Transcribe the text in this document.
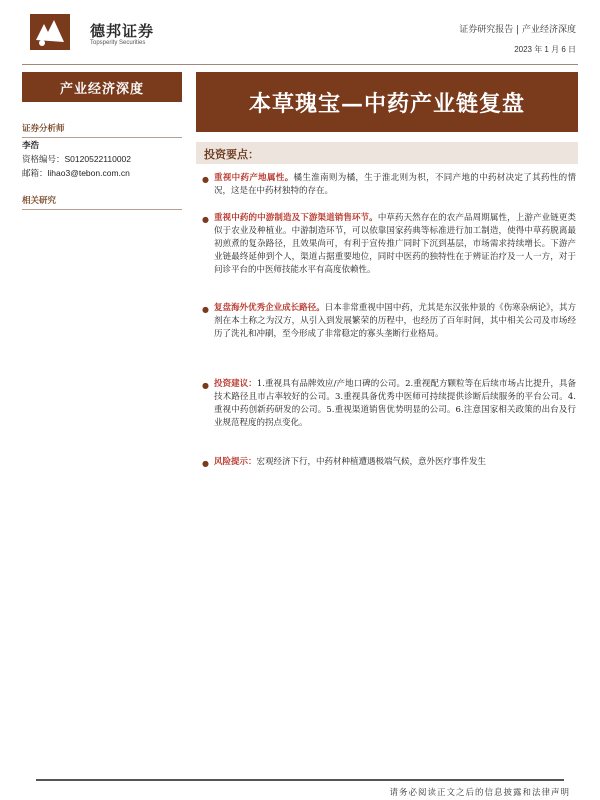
德邦证券
Topsperity Securities
证券研究报告 | 产业经济深度
2023 年 1 月 6 日
产业经济深度
本草瑰宝—中药产业链复盘
证券分析师
李浩
资格编号：S0120522110002
邮箱：lihao3@tebon.com.cn
相关研究
投资要点：
● 重视中药产地属性。橘生淮南则为橘，生于淮北则为枳，不同产地的中药材决定了其药性的情况，这是在中药材独特的存在。
● 重视中药的中游制造及下游渠道销售环节。中草药天然存在的农产品周期属性，上游产业链更类似于农业及种植业。中游制造环节，可以依靠国家药典等标准进行加工制造，使得中草药脱离最初煎煮的复杂路径，且效果尚可，有利于宣传推广同时下沉到基层，市场需求持续增长。下游产业链最终延伸到个人，渠道占据重要地位，同时中医药的独特性在于辨证治疗及一人一方，对于问诊平台的中医师技能水平有高度依赖性。
● 复盘海外优秀企业成长路径。日本非常重视中国中药，尤其是东汉张仲景的《伤寒杂病论》，其方剂在本土称之为汉方，从引入到发展繁荣的历程中，也经历了百年时间，其中相关公司及市场经历了洗礼和冲刷，至今形成了非常稳定的寡头垄断行业格局。
● 投资建议：1.重视具有品牌效应/产地口碑的公司。2.重视配方颗粒等在后续市场占比提升，具备技术路径且市占率较好的公司。3.重视具备优秀中医师可持续提供诊断后续服务的平台公司。4.重视中药创新药研发的公司。5.重视渠道销售优势明显的公司。6.注意国家相关政策的出台及行业规范程度的拐点变化。
● 风险提示：宏观经济下行，中药材种植遭遇极端气候，意外医疗事件发生
请务必阅读正文之后的信息披露和法律声明
